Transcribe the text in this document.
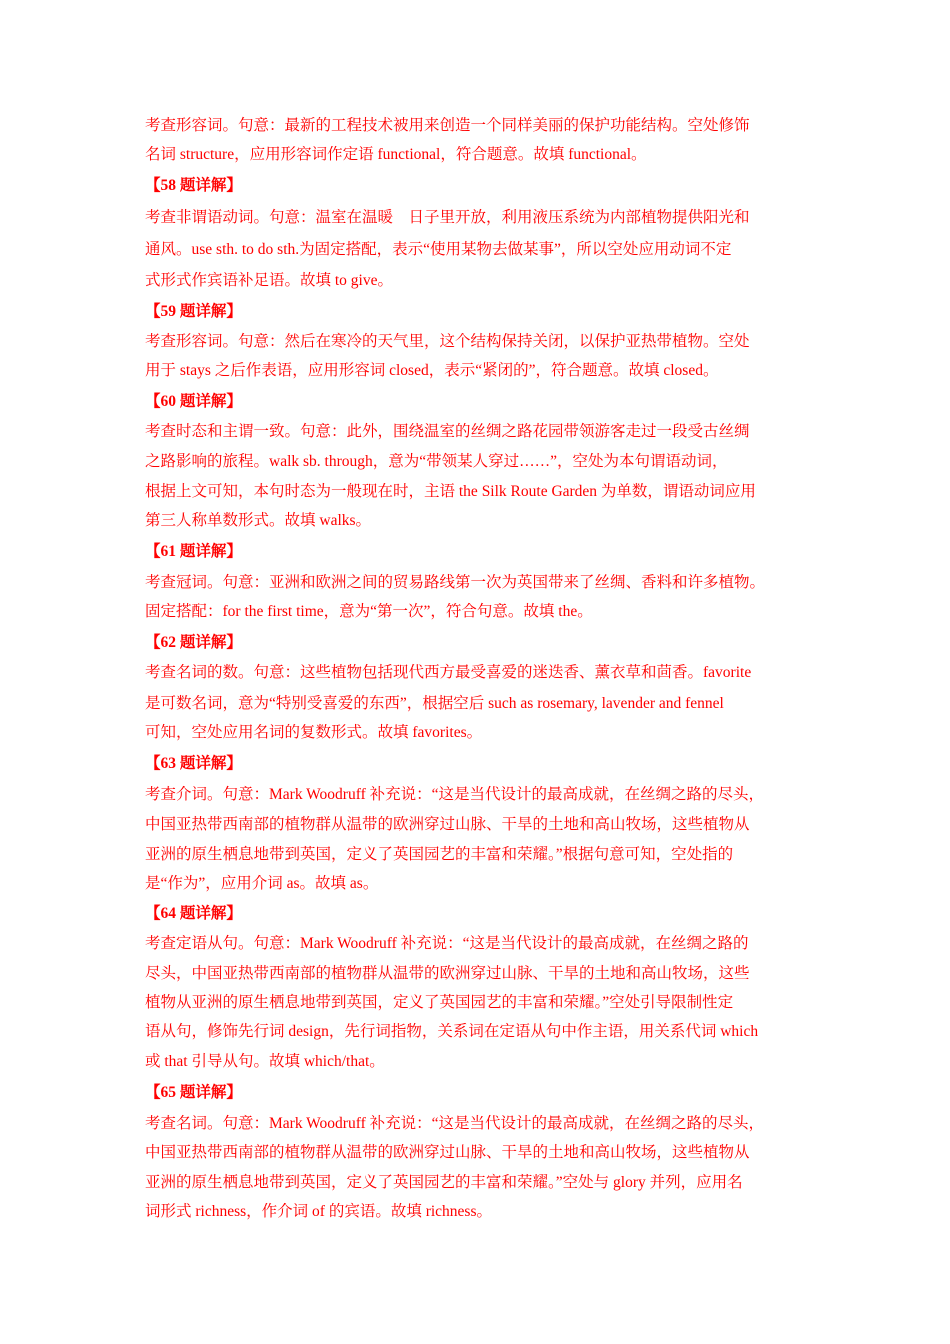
考查形容词。句意：最新的工程技术被用来创造一个同样美丽的保护功能结构。空处修饰
名词 structure，应用形容词作定语 functional，符合题意。故填 functional。
【58 题详解】
考查非谓语动词。句意：温室在温暖　日子里开放，利用液压系统为内部植物提供阳光和
通风。use sth. to do sth.为固定搭配，表示“使用某物去做某事”，所以空处应用动词不定
式形式作宾语补足语。故填 to give。
【59 题详解】
考查形容词。句意：然后在寒冷的天气里，这个结构保持关闭，以保护亚热带植物。空处
用于 stays 之后作表语，应用形容词 closed，表示“紧闭的”，符合题意。故填 closed。
【60 题详解】
考查时态和主谓一致。句意：此外，围绕温室的丝绸之路花园带领游客走过一段受古丝绸
之路影响的旅程。walk sb. through，意为“带领某人穿过……”，空处为本句谓语动词，
根据上文可知，本句时态为一般现在时，主语 the Silk Route Garden 为单数，谓语动词应用
第三人称单数形式。故填 walks。
【61 题详解】
考查冠词。句意：亚洲和欧洲之间的贸易路线第一次为英国带来了丝绸、香料和许多植物。
固定搭配：for the first time，意为“第一次”，符合句意。故填 the。
【62 题详解】
考查名词的数。句意：这些植物包括现代西方最受喜爱的迷迭香、薰衣草和茴香。favorite
是可数名词，意为“特别受喜爱的东西”，根据空后 such as rosemary, lavender and fennel
可知，空处应用名词的复数形式。故填 favorites。
【63 题详解】
考查介词。句意：Mark Woodruff 补充说：“这是当代设计的最高成就，在丝绸之路的尽头，
中国亚热带西南部的植物群从温带的欧洲穿过山脉、干旱的土地和高山牧场，这些植物从
亚洲的原生栖息地带到英国，定义了英国园艺的丰富和荣耀。”根据句意可知，空处指的
是“作为”，应用介词 as。故填 as。
【64 题详解】
考查定语从句。句意：Mark Woodruff 补充说：“这是当代设计的最高成就，在丝绸之路的
尽头，中国亚热带西南部的植物群从温带的欧洲穿过山脉、干旱的土地和高山牧场，这些
植物从亚洲的原生栖息地带到英国，定义了英国园艺的丰富和荣耀。”空处引导限制性定
语从句，修饰先行词 design，先行词指物，关系词在定语从句中作主语，用关系代词 which
或 that 引导从句。故填 which/that。
【65 题详解】
考查名词。句意：Mark Woodruff 补充说：“这是当代设计的最高成就，在丝绸之路的尽头，
中国亚热带西南部的植物群从温带的欧洲穿过山脉、干旱的土地和高山牧场，这些植物从
亚洲的原生栖息地带到英国，定义了英国园艺的丰富和荣耀。”空处与 glory 并列，应用名
词形式 richness，作介词 of 的宾语。故填 richness。
